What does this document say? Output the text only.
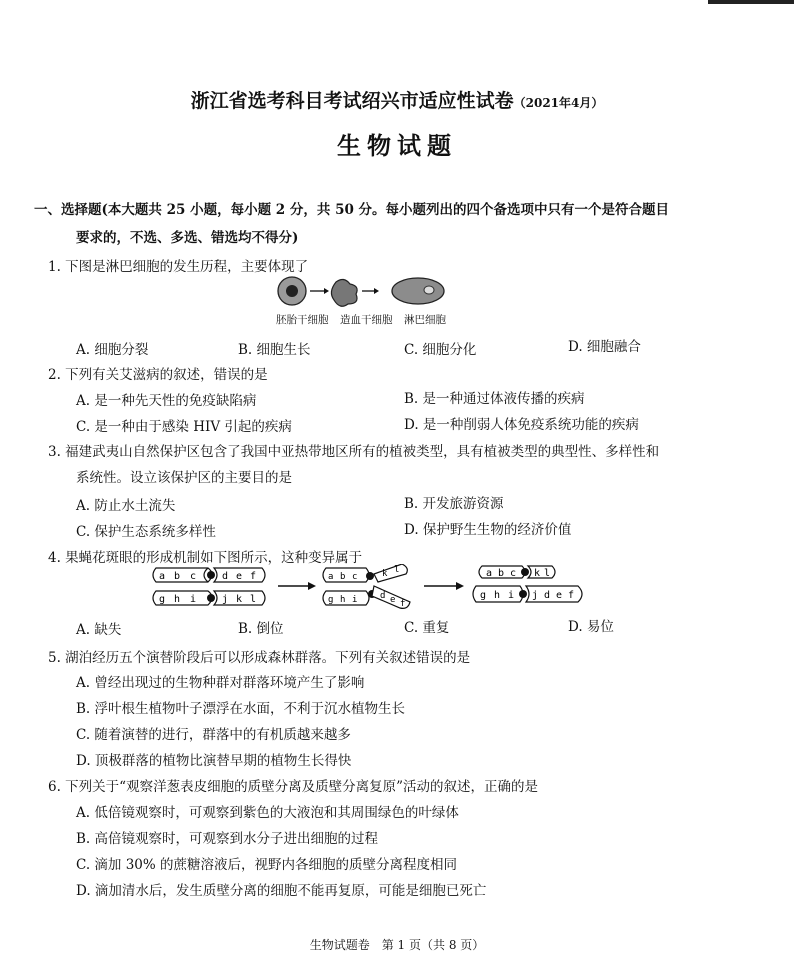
浙江省选考科目考试绍兴市适应性试卷（2021年4月）
生物试题
一、选择题(本大题共 25 小题，每小题 2 分，共 50 分。每小题列出的四个备选项中只有一个是符合题目
要求的，不选、多选、错选均不得分)
1. 下图是淋巴细胞的发生历程，主要体现了
胚胎干细胞 造血干细胞 淋巴细胞
A. 细胞分裂	B. 细胞生长	C. 细胞分化	D. 细胞融合
2. 下列有关艾滋病的叙述，错误的是
A. 是一种先天性的免疫缺陷病	B. 是一种通过体液传播的疾病
C. 是一种由于感染 HIV 引起的疾病	D. 是一种削弱人体免疫系统功能的疾病
3. 福建武夷山自然保护区包含了我国中亚热带地区所有的植被类型，具有植被类型的典型性、多样性和
系统性。设立该保护区的主要目的是
A. 防止水土流失	B. 开发旅游资源
C. 保护生态系统多样性	D. 保护野生生物的经济价值
4. 果蝇花斑眼的形成机制如下图所示，这种变异属于
a b c	d e f
g h i	j k l
a b c	k l
g h i	d e f
a b c k l
g h i j d e f
A. 缺失	B. 倒位	C. 重复	D. 易位
5. 湖泊经历五个演替阶段后可以形成森林群落。下列有关叙述错误的是
A. 曾经出现过的生物种群对群落环境产生了影响
B. 浮叶根生植物叶子漂浮在水面，不利于沉水植物生长
C. 随着演替的进行，群落中的有机质越来越多
D. 顶极群落的植物比演替早期的植物生长得快
6. 下列关于“观察洋葱表皮细胞的质壁分离及质壁分离复原”活动的叙述，正确的是
A. 低倍镜观察时，可观察到紫色的大液泡和其周围绿色的叶绿体
B. 高倍镜观察时，可观察到水分子进出细胞的过程
C. 滴加 30% 的蔗糖溶液后，视野内各细胞的质壁分离程度相同
D. 滴加清水后，发生质壁分离的细胞不能再复原，可能是细胞已死亡
生物试题卷　第 1 页（共 8 页）
